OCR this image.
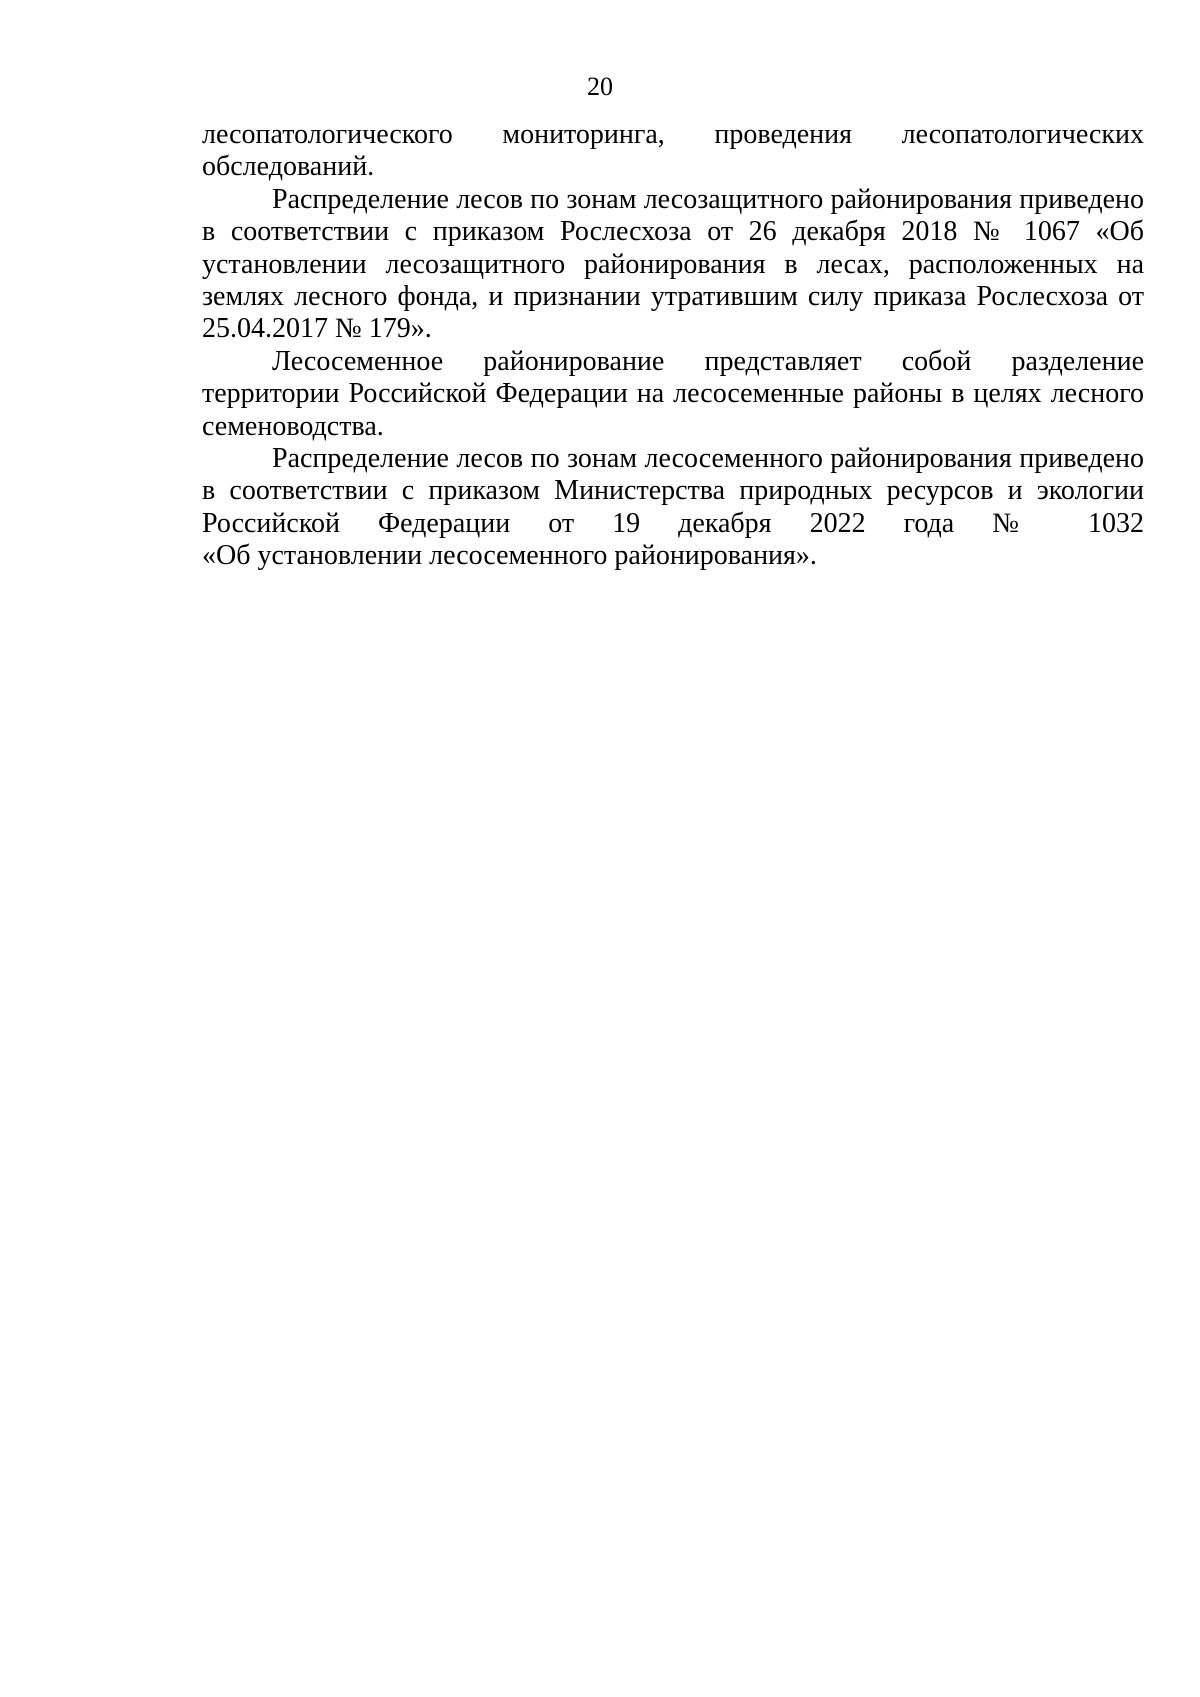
20

лесопатологического мониторинга, проведения лесопатологических
обследований.

Распределение лесов по зонам лесозащитного районирования приведено
в соответствии с приказом Рослесхоза от 26 декабря 2018 № 1067 «Об
установлении лесозащитного районирования в лесах, расположенных на
землях лесного фонда, и признании утратившим силу приказа Рослесхоза от
25.04.2017 № 179».

Лесосеменное районирование представляет собой разделение
территории Российской Федерации на лесосеменные районы в целях лесного
семеноводства.

Распределение лесов по зонам лесосеменного районирования приведено
в соответствии с приказом Министерства природных ресурсов и экологии
Российской Федерации от 19 декабря 2022 года № 1032
«Об установлении лесосеменного районирования».
